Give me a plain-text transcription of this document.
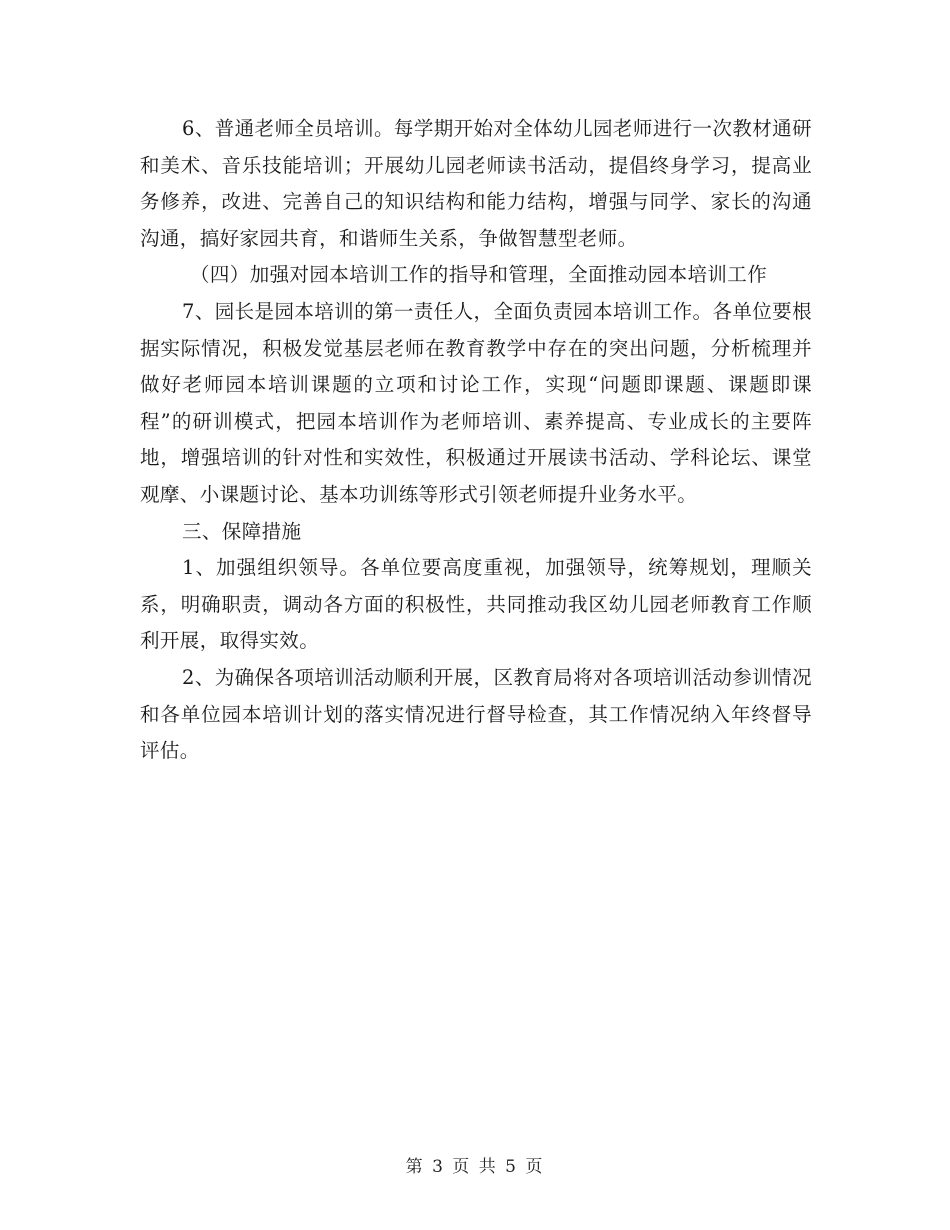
6、普通老师全员培训。每学期开始对全体幼儿园老师进行一次教材通研和美术、音乐技能培训；开展幼儿园老师读书活动，提倡终身学习，提高业务修养，改进、完善自己的知识结构和能力结构，增强与同学、家长的沟通沟通，搞好家园共育，和谐师生关系，争做智慧型老师。

（四）加强对园本培训工作的指导和管理，全面推动园本培训工作

7、园长是园本培训的第一责任人，全面负责园本培训工作。各单位要根据实际情况，积极发觉基层老师在教育教学中存在的突出问题，分析梳理并做好老师园本培训课题的立项和讨论工作，实现“问题即课题、课题即课程”的研训模式，把园本培训作为老师培训、素养提高、专业成长的主要阵地，增强培训的针对性和实效性，积极通过开展读书活动、学科论坛、课堂观摩、小课题讨论、基本功训练等形式引领老师提升业务水平。

三、保障措施

1、加强组织领导。各单位要高度重视，加强领导，统筹规划，理顺关系，明确职责，调动各方面的积极性，共同推动我区幼儿园老师教育工作顺利开展，取得实效。

2、为确保各项培训活动顺利开展，区教育局将对各项培训活动参训情况和各单位园本培训计划的落实情况进行督导检查，其工作情况纳入年终督导评估。

第 3 页 共 5 页
